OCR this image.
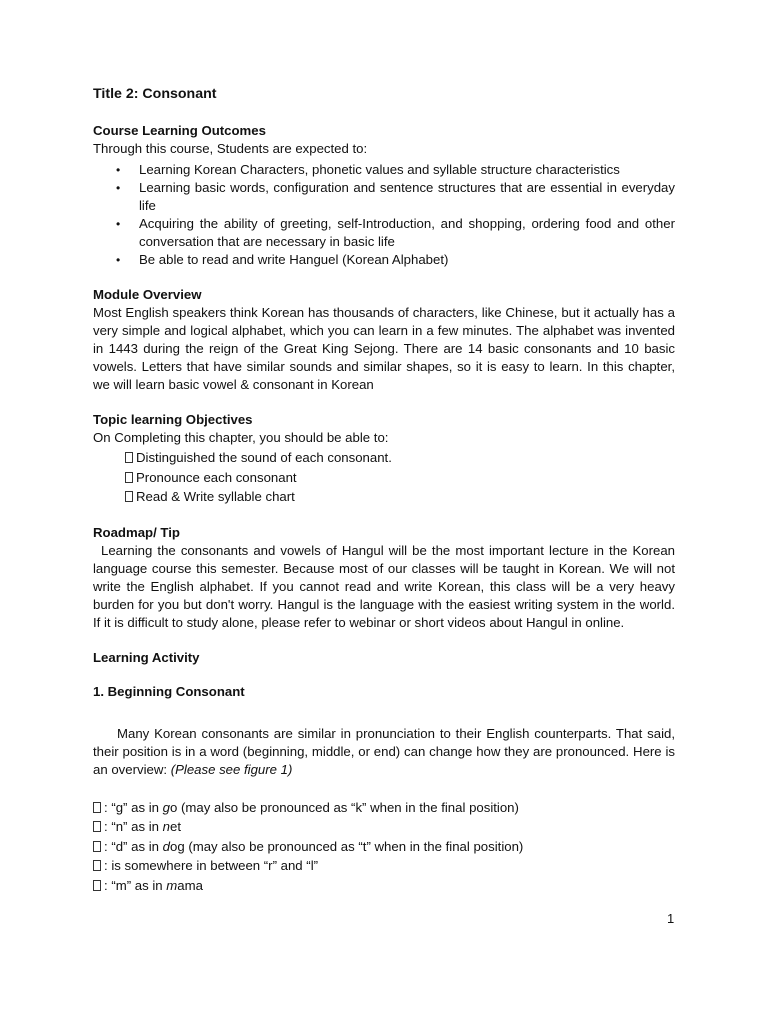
Title 2: Consonant

Course Learning Outcomes

Through this course, Students are expected to:

• Learning Korean Characters, phonetic values and syllable structure characteristics
• Learning basic words, configuration and sentence structures that are essential in everyday life
• Acquiring the ability of greeting, self-Introduction, and shopping, ordering food and other conversation that are necessary in basic life
• Be able to read and write Hanguel (Korean Alphabet)

Module Overview

Most English speakers think Korean has thousands of characters, like Chinese, but it actually has a very simple and logical alphabet, which you can learn in a few minutes. The alphabet was invented in 1443 during the reign of the Great King Sejong. There are 14 basic consonants and 10 basic vowels. Letters that have similar sounds and similar shapes, so it is easy to learn. In this chapter, we will learn basic vowel & consonant in Korean

Topic learning Objectives

On Completing this chapter, you should be able to:

Distinguished the sound of each consonant.
Pronounce each consonant
Read & Write syllable chart

Roadmap/ Tip

Learning the consonants and vowels of Hangul will be the most important lecture in the Korean language course this semester. Because most of our classes will be taught in Korean. We will not write the English alphabet. If you cannot read and write Korean, this class will be a very heavy burden for you but don't worry. Hangul is the language with the easiest writing system in the world. If it is difficult to study alone, please refer to webinar or short videos about Hangul in online.

Learning Activity

1. Beginning Consonant

Many Korean consonants are similar in pronunciation to their English counterparts. That said, their position is in a word (beginning, middle, or end) can change how they are pronounced. Here is an overview: (Please see figure 1)

: “g” as in go (may also be pronounced as “k” when in the final position)
: “n” as in net
: “d” as in dog (may also be pronounced as “t” when in the final position)
: is somewhere in between “r” and “l”
: “m” as in mama
1
